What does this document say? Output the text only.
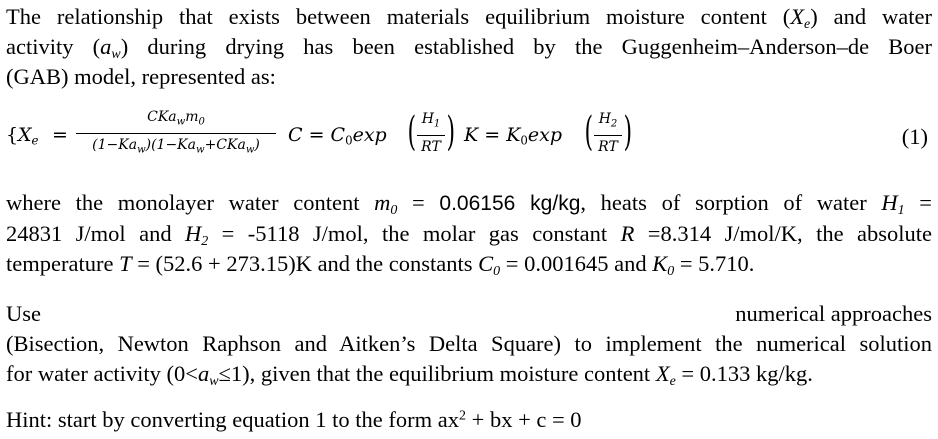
The relationship that exists between materials equilibrium moisture content $(X_e)$ and water
activity $(a_w)$ during drying has been established by the Guggenheim–Anderson–de Boer
(GAB) model, represented as:

{ $X_e$ =
$CKa_wm_0$
$(1-Ka_w)(1-Ka_w+CKa_w)$	$C = C_0\exp$ ( $H_1$
RT ) $K = K_0\exp$ ( $H_2$
RT )	(1)

where the monolayer water content $m_0 = 0.06156$ kg/kg, heats of sorption of water $H_1$ =
24831 J/mol and $H_2 = -5118$ J/mol, the molar gas constant R =8.314 J/mol/K, the absolute
temperature T = (52.6 + 273.15)K and the constants $C_0 = 0.001645$ and $K_0 = 5.710$.

Use	numerical approaches
(Bisection, Newton Raphson and Aitken’s Delta Square) to implement the numerical solution
for water activity $(0<a_w\le 1)$, given that the equilibrium moisture content $X_e = 0.133$ kg/kg.

Hint: start by converting equation 1 to the form $ax^2$ + bx + c = 0
